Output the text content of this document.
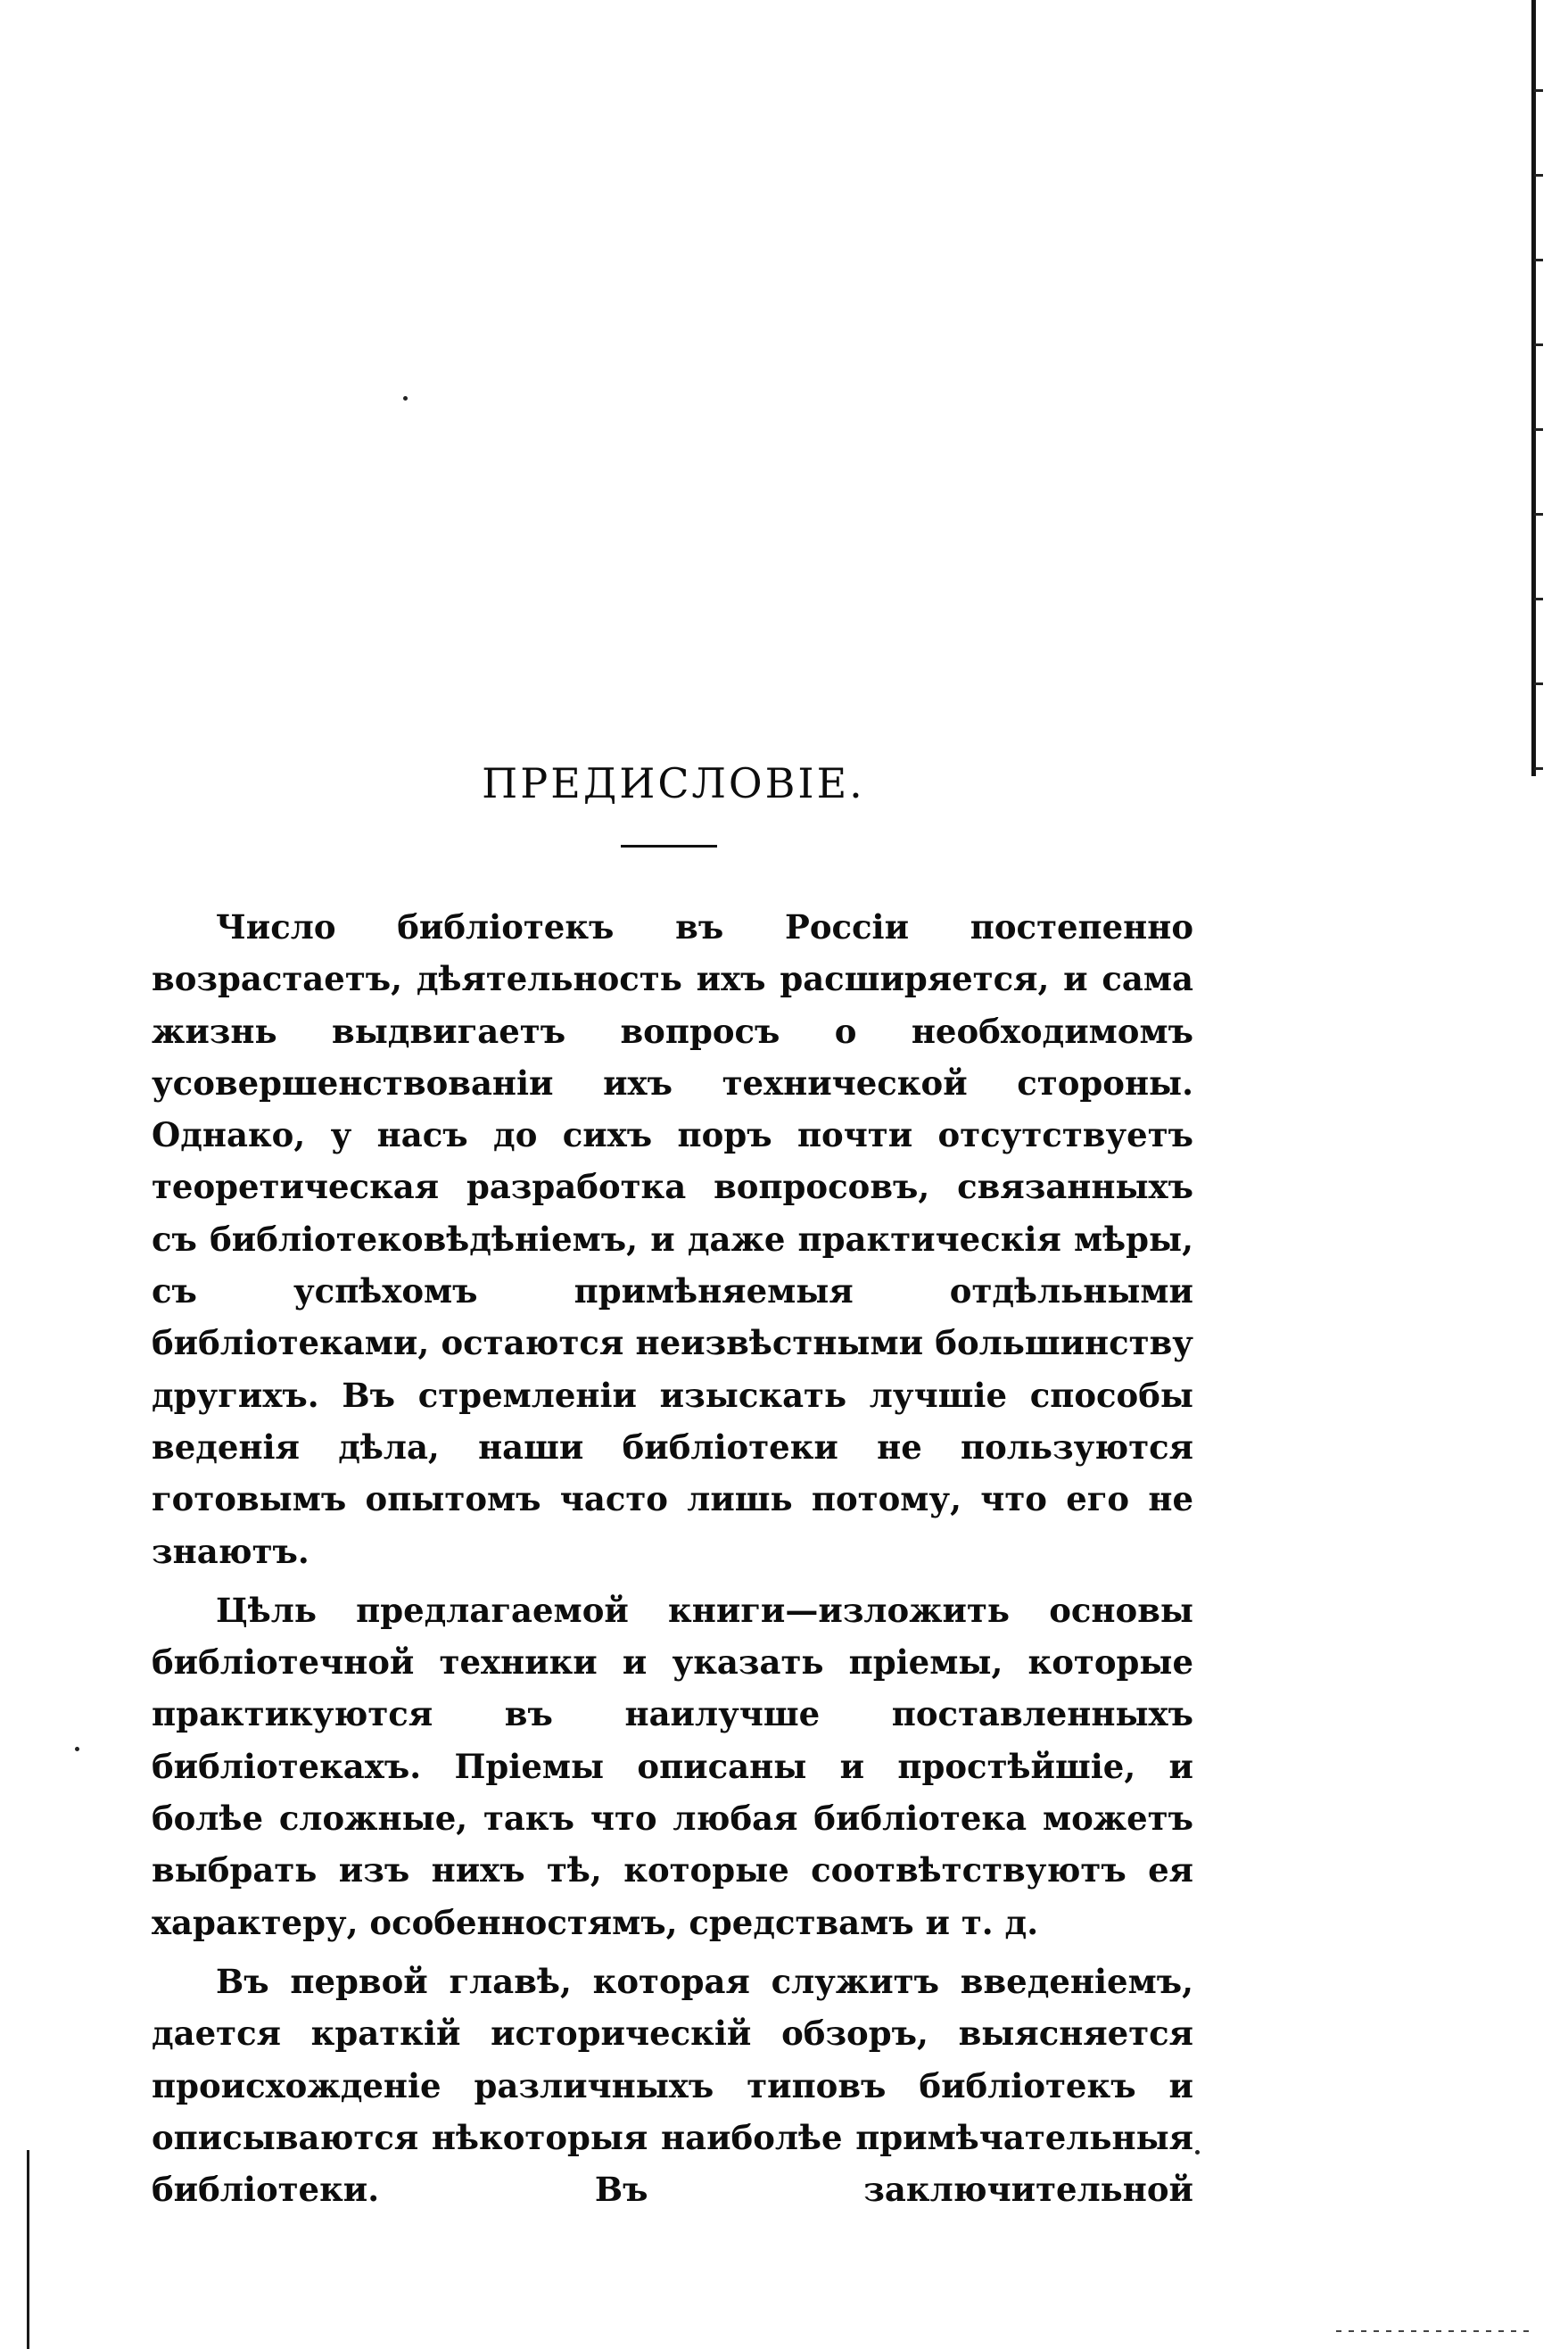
ПРЕДИСЛОВІЕ.

Число библіотекъ въ Россіи постепенно возрастаетъ, дѣятельность ихъ расширяется, и сама жизнь выдвигаетъ вопросъ о необходимомъ усовершенствованіи ихъ технической стороны. Однако, у насъ до сихъ поръ почти отсутствуетъ теоретическая разработка вопросовъ, связанныхъ съ библіотековѣдѣніемъ, и даже практическія мѣры, съ успѣхомъ примѣняемыя отдѣльными библіотеками, остаются неизвѣстными большинству другихъ. Въ стремленіи изыскать лучшіе способы веденія дѣла, наши библіотеки не пользуются готовымъ опытомъ часто лишь потому, что его не знаютъ.

Цѣль предлагаемой книги—изложить основы библіотечной техники и указать пріемы, которые практикуются въ наилучше поставленныхъ библіотекахъ. Пріемы описаны и простѣйшіе, и болѣе сложные, такъ что любая библіотека можетъ выбрать изъ нихъ тѣ, которые соотвѣтствуютъ ея характеру, особенностямъ, средствамъ и т. д.

Въ первой главѣ, которая служитъ введеніемъ, дается краткій историческій обзоръ, выясняется происхожденіе различныхъ типовъ библіотекъ и описываются нѣкоторыя наиболѣе примѣчательныя библіотеки. Въ заключительной
